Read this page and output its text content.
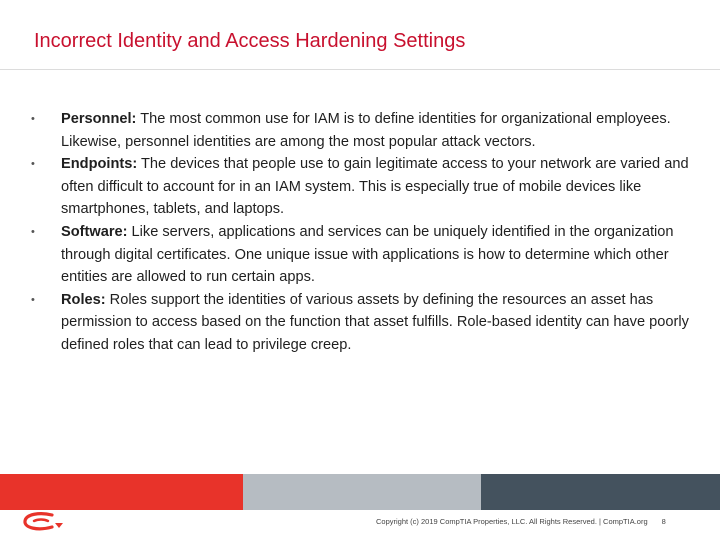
Incorrect Identity and Access Hardening Settings
• Personnel: The most common use for IAM is to define identities for organizational employees. Likewise, personnel identities are among the most popular attack vectors.
• Endpoints: The devices that people use to gain legitimate access to your network are varied and often difficult to account for in an IAM system. This is especially true of mobile devices like smartphones, tablets, and laptops.
• Software: Like servers, applications and services can be uniquely identified in the organization through digital certificates. One unique issue with applications is how to determine which other entities are allowed to run certain apps.
• Roles: Roles support the identities of various assets by defining the resources an asset has permission to access based on the function that asset fulfills. Role-based identity can have poorly defined roles that can lead to privilege creep.
Copyright (c) 2019 CompTIA Properties, LLC. All Rights Reserved. | CompTIA.org 8
